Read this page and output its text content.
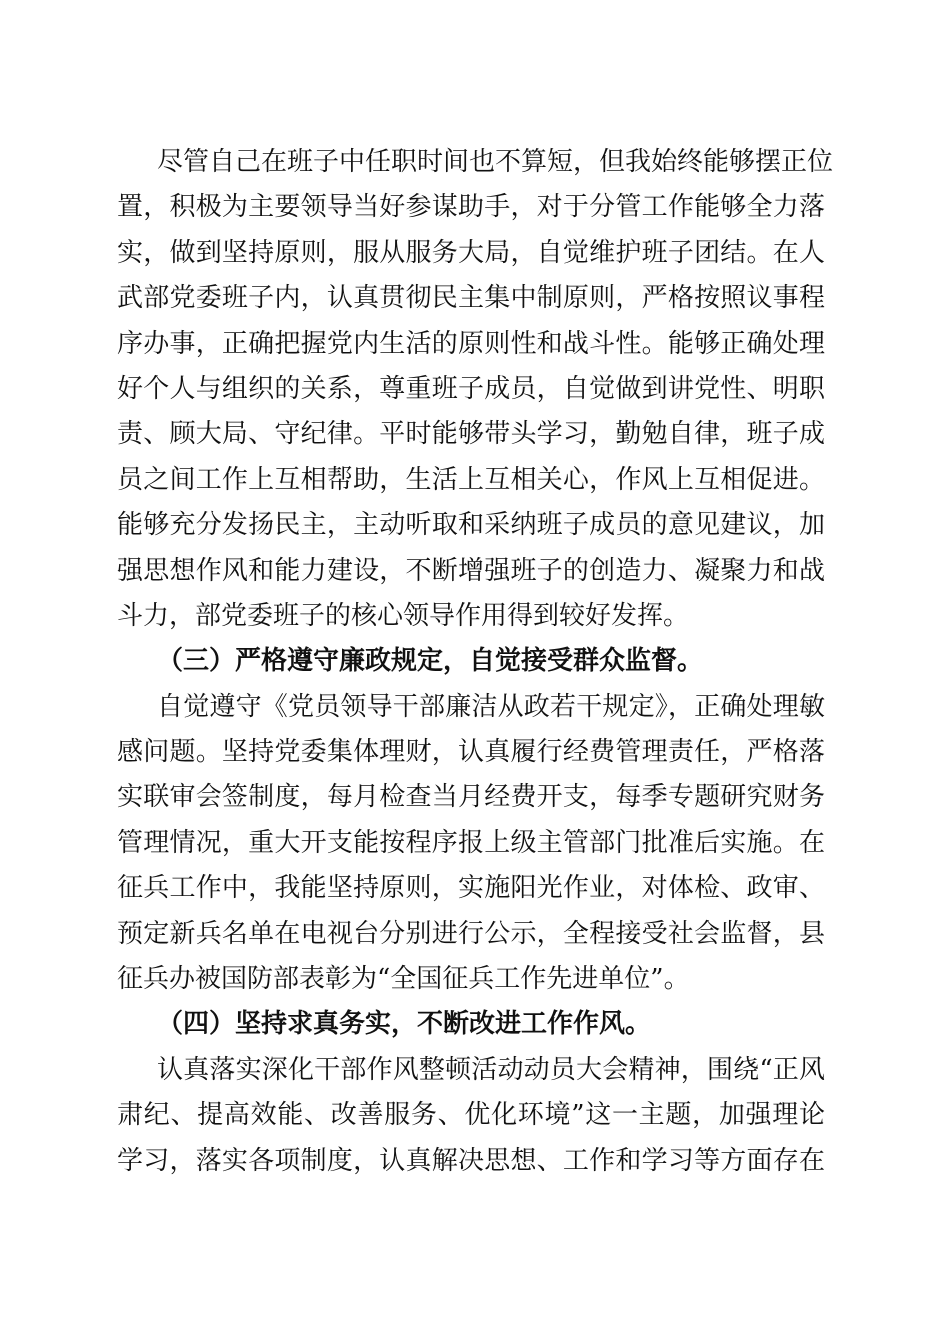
尽管自己在班子中任职时间也不算短，但我始终能够摆正位
置，积极为主要领导当好参谋助手，对于分管工作能够全力落
实，做到坚持原则，服从服务大局，自觉维护班子团结。在人
武部党委班子内，认真贯彻民主集中制原则，严格按照议事程
序办事，正确把握党内生活的原则性和战斗性。能够正确处理
好个人与组织的关系，尊重班子成员，自觉做到讲党性、明职
责、顾大局、守纪律。平时能够带头学习，勤勉自律，班子成
员之间工作上互相帮助，生活上互相关心，作风上互相促进。
能够充分发扬民主，主动听取和采纳班子成员的意见建议，加
强思想作风和能力建设，不断增强班子的创造力、凝聚力和战
斗力，部党委班子的核心领导作用得到较好发挥。
（三）严格遵守廉政规定，自觉接受群众监督。
自觉遵守《党员领导干部廉洁从政若干规定》，正确处理敏
感问题。坚持党委集体理财，认真履行经费管理责任，严格落
实联审会签制度，每月检查当月经费开支，每季专题研究财务
管理情况，重大开支能按程序报上级主管部门批准后实施。在
征兵工作中，我能坚持原则，实施阳光作业，对体检、政审、
预定新兵名单在电视台分别进行公示，全程接受社会监督，县
征兵办被国防部表彰为“全国征兵工作先进单位”。
（四）坚持求真务实，不断改进工作作风。
认真落实深化干部作风整顿活动动员大会精神，围绕“正风
肃纪、提高效能、改善服务、优化环境”这一主题，加强理论
学习，落实各项制度，认真解决思想、工作和学习等方面存在
